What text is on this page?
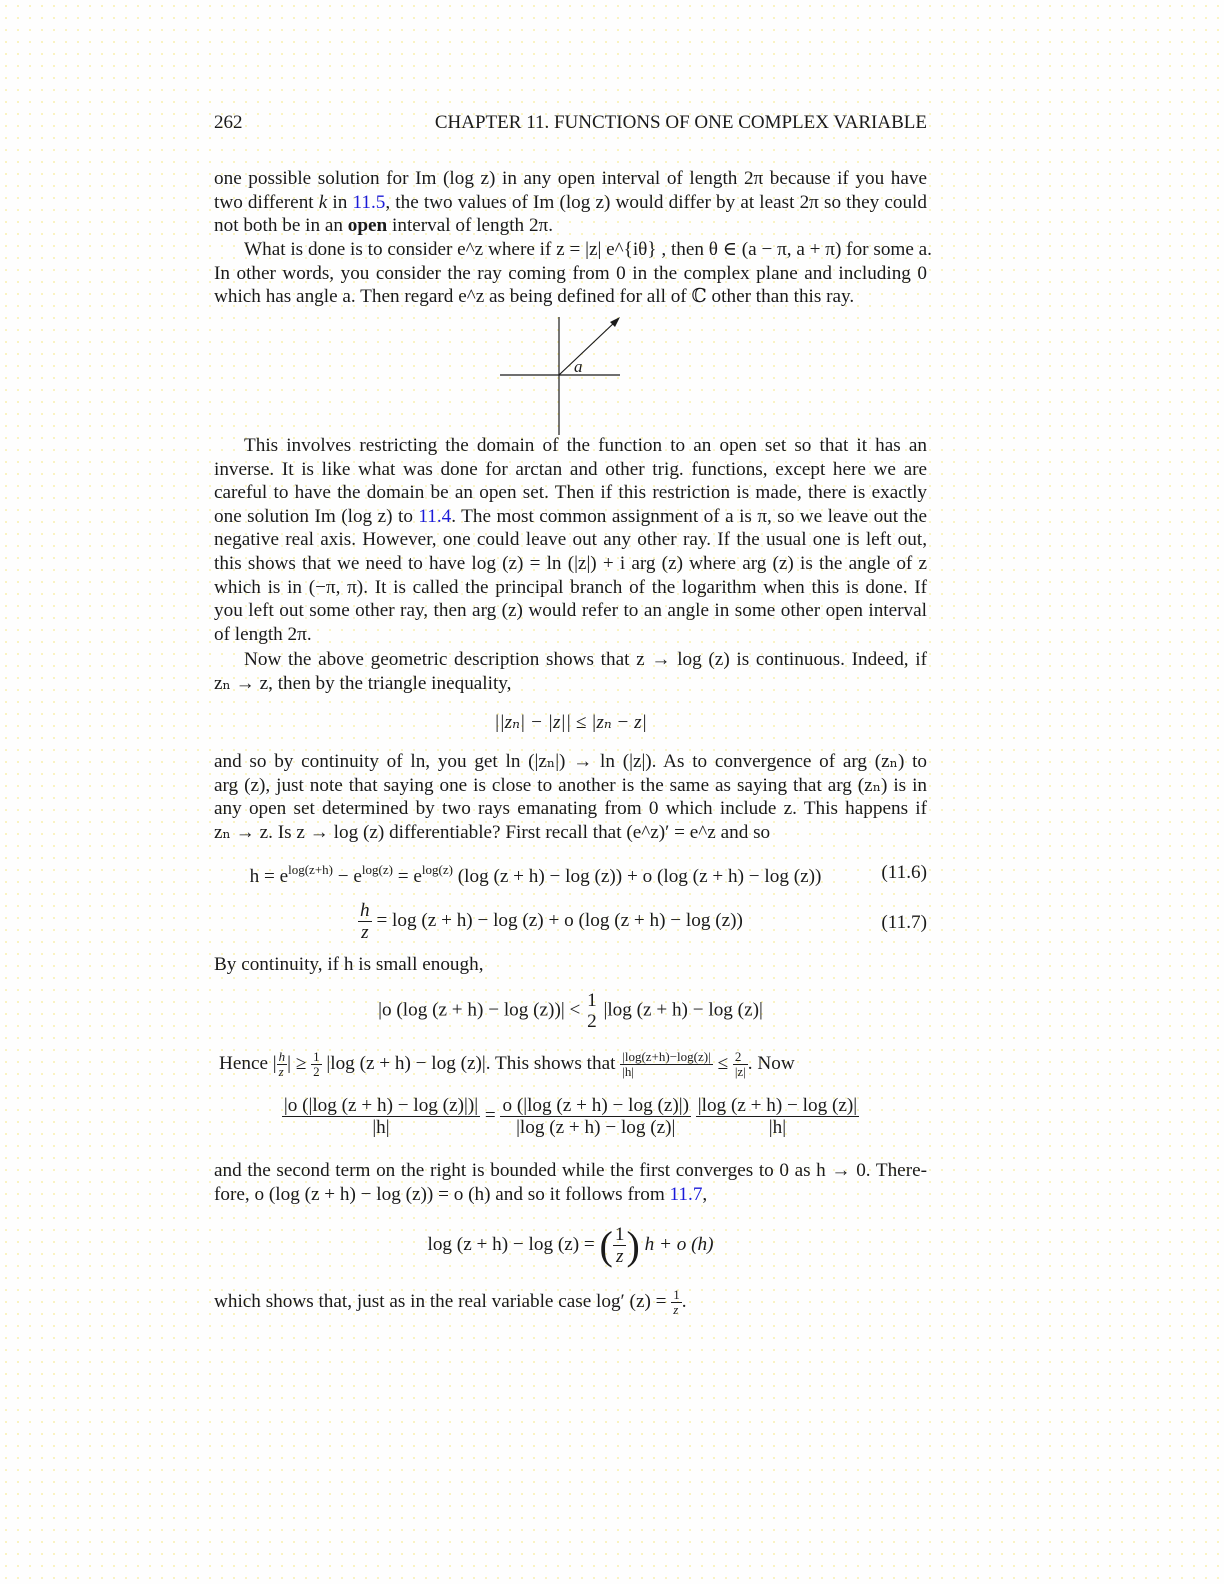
262	CHAPTER 11. FUNCTIONS OF ONE COMPLEX VARIABLE
one possible solution for Im (log z) in any open interval of length 2π because if you have
two different k in 11.5, the two values of Im (log z) would differ by at least 2π so they could
not both be in an open interval of length 2π.
What is done is to consider e^z where if z = |z| e^{iθ} , then θ ∈ (a − π, a + π) for some a.
In other words, you consider the ray coming from 0 in the complex plane and including 0
which has angle a. Then regard e^z as being defined for all of ℂ other than this ray.
a
This involves restricting the domain of the function to an open set so that it has an
inverse. It is like what was done for arctan and other trig. functions, except here we are
careful to have the domain be an open set. Then if this restriction is made, there is exactly
one solution Im (log z) to 11.4. The most common assignment of a is π, so we leave out the
negative real axis. However, one could leave out any other ray. If the usual one is left out,
this shows that we need to have log (z) = ln (|z|) + i arg (z) where arg (z) is the angle of z
which is in (−π, π). It is called the principal branch of the logarithm when this is done. If
you left out some other ray, then arg (z) would refer to an angle in some other open interval
of length 2π.
Now the above geometric description shows that z → log (z) is continuous. Indeed, if
zₙ → z, then by the triangle inequality,
||zₙ| − |z|| ≤ |zₙ − z|
and so by continuity of ln, you get ln (|zₙ|) → ln (|z|). As to convergence of arg (zₙ) to
arg (z), just note that saying one is close to another is the same as saying that arg (zₙ) is in
any open set determined by two rays emanating from 0 which include z. This happens if
zₙ → z. Is z → log (z) differentiable? First recall that (e^z)′ = e^z and so
$h = e^{log(z+h)} - e^{log(z)} = e^{log(z)}$ (log (z + h) − log (z)) + o (log (z + h) − log (z))	(11.6)
$\frac{h}{z} = \log (z + h) - \log (z) + o$ (log (z + h) − log (z))	(11.7)
By continuity, if h is small enough,
|o (log (z + h) − log (z))| < 1
2
|log (z + h) − log (z)|
Hence | $\frac{h}{z}$ | ≥ $\frac{1}{2} |\log$ (z + h) − log (z)|. This shows that $\frac{|\log(z+h)-\log(z)|}{|h|} \le \frac{2}{|z|}$ . Now
$\frac{|o (|\log (z + h) - \log (z)|)|}{|h|} = \frac{o (|\log (z + h) - \log (z)|)}{|\log (z + h) - \log (z)|}$
$\frac{|\log (z + h) - \log (z)|}{|h|}$
and the second term on the right is bounded while the first converges to 0 as h → 0. There-
fore, o (log (z + h) − log (z)) = o (h) and so it follows from 11.7,
log (z + h) − log (z) = ( $\frac{1}{z}$ ) h + o (h)
which shows that, just as in the real variable case log′ $(z) = \frac{1}{z}$ .
